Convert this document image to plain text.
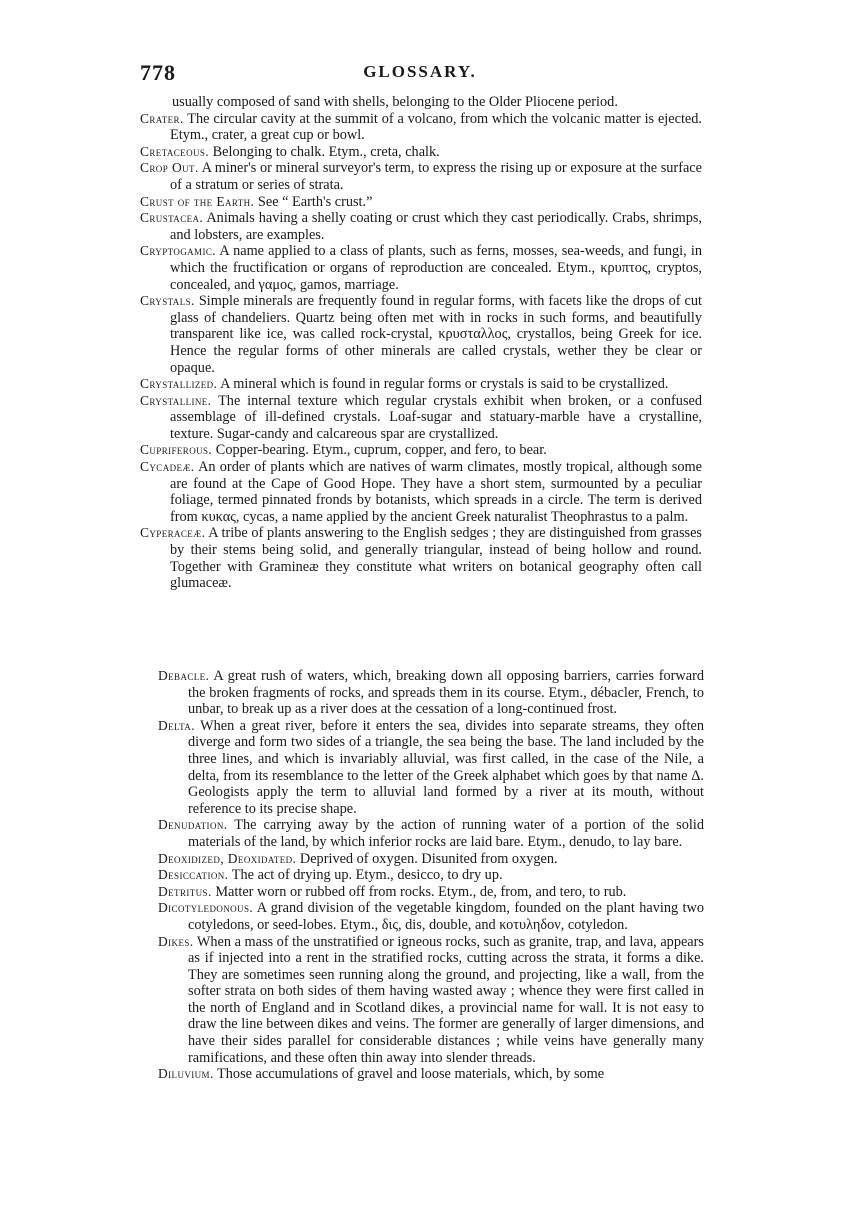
778	GLOSSARY.
usually composed of sand with shells, belonging to the Older Pliocene period.
Crater. The circular cavity at the summit of a volcano, from which the volcanic matter is ejected. Etym., crater, a great cup or bowl.
Cretaceous. Belonging to chalk. Etym., creta, chalk.
Crop Out. A miner's or mineral surveyor's term, to express the rising up or exposure at the surface of a stratum or series of strata.
Crust of the Earth. See “ Earth's crust.”
Crustacea. Animals having a shelly coating or crust which they cast periodically. Crabs, shrimps, and lobsters, are examples.
Cryptogamic. A name applied to a class of plants, such as ferns, mosses, sea-weeds, and fungi, in which the fructification or organs of reproduction are concealed. Etym., κρυπτος, cryptos, concealed, and γαμος, gamos, marriage.
Crystals. Simple minerals are frequently found in regular forms, with facets like the drops of cut glass of chandeliers. Quartz being often met with in rocks in such forms, and beautifully transparent like ice, was called rock-crystal, κρυσταλλος, crystallos, being Greek for ice. Hence the regular forms of other minerals are called crystals, wether they be clear or opaque.
Crystallized. A mineral which is found in regular forms or crystals is said to be crystallized.
Crystalline. The internal texture which regular crystals exhibit when broken, or a confused assemblage of ill-defined crystals. Loaf-sugar and statuary-marble have a crystalline, texture. Sugar-candy and calcareous spar are crystallized.
Cupriferous. Copper-bearing. Etym., cuprum, copper, and fero, to bear.
Cycadeæ. An order of plants which are natives of warm climates, mostly tropical, although some are found at the Cape of Good Hope. They have a short stem, surmounted by a peculiar foliage, termed pinnated fronds by botanists, which spreads in a circle. The term is derived from κυκας, cycas, a name applied by the ancient Greek naturalist Theophrastus to a palm.
Cyperaceæ. A tribe of plants answering to the English sedges ; they are distinguished from grasses by their stems being solid, and generally triangular, instead of being hollow and round. Together with Gramineæ they constitute what writers on botanical geography often call glumaceæ.
Debacle. A great rush of waters, which, breaking down all opposing barriers, carries forward the broken fragments of rocks, and spreads them in its course. Etym., débacler, French, to unbar, to break up as a river does at the cessation of a long-continued frost.
Delta. When a great river, before it enters the sea, divides into separate streams, they often diverge and form two sides of a triangle, the sea being the base. The land included by the three lines, and which is invariably alluvial, was first called, in the case of the Nile, a delta, from its resemblance to the letter of the Greek alphabet which goes by that name Δ. Geologists apply the term to alluvial land formed by a river at its mouth, without reference to its precise shape.
Denudation. The carrying away by the action of running water of a portion of the solid materials of the land, by which inferior rocks are laid bare. Etym., denudo, to lay bare.
Deoxidized, Deoxidated. Deprived of oxygen. Disunited from oxygen.
Desiccation. The act of drying up. Etym., desicco, to dry up.
Detritus. Matter worn or rubbed off from rocks. Etym., de, from, and tero, to rub.
Dicotyledonous. A grand division of the vegetable kingdom, founded on the plant having two cotyledons, or seed-lobes. Etym., δις, dis, double, and κοτυληδον, cotyledon.
Dikes. When a mass of the unstratified or igneous rocks, such as granite, trap, and lava, appears as if injected into a rent in the stratified rocks, cutting across the strata, it forms a dike. They are sometimes seen running along the ground, and projecting, like a wall, from the softer strata on both sides of them having wasted away ; whence they were first called in the north of England and in Scotland dikes, a provincial name for wall. It is not easy to draw the line between dikes and veins. The former are generally of larger dimensions, and have their sides parallel for considerable distances ; while veins have generally many ramifications, and these often thin away into slender threads.
Diluvium. Those accumulations of gravel and loose materials, which, by some
